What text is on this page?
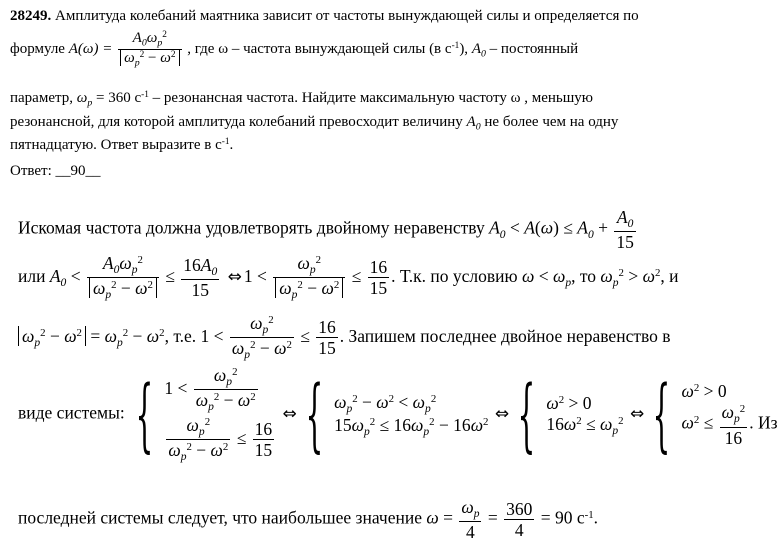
28249. Амплитуда колебаний маятника зависит от частоты вынуждающей силы и определяется по
формуле $A(\omega) = \frac{A_0\omega_p^2}{\omega_p^2 - \omega^2}$ , где ω – частота вынуждающей силы (в $с^{-1}$), $A_0$ – постоянный
параметр, $\omega_p = 360$ $с^{-1}$ – резонансная частота. Найдите максимальную частоту ω , меньшую
резонансной, для которой амплитуда колебаний превосходит величину $A_0$ не более чем на одну
пятнадцатую. Ответ выразите в $с^{-1}$.
Ответ: __90__
Искомая частота должна удовлетворять двойному неравенству $A_0 < A(\omega) \le A_0 + \frac{A_0}{15}$
или $A_0 < \frac{A_0\omega_p^2}{\omega_p^2 - \omega^2} \le \frac{16A_0}{15}$ ⇔ $1 < \frac{\omega_p^2}{\omega_p^2 - \omega^2} \le \frac{16}{15}$ . Т.к. по условию $\omega < \omega_p$, то $\omega_p^2 > \omega^2$, и
$\omega_p^2 - \omega^2 = \omega_p^2 - \omega^2$, т.е. $1 < \frac{\omega_p^2}{\omega_p^2 - \omega^2} \le \frac{16}{15}$ . Запишем последнее двойное неравенство в
виде системы: { $1 < \frac{\omega_p^2}{\omega_p^2 - \omega^2}$
$\frac{\omega_p^2}{\omega_p^2 - \omega^2} \le \frac{16}{15}$
⇔ { $\omega_p^2 - \omega^2 < \omega_p^2$
$15\omega_p^2 \le 16\omega_p^2 - 16\omega^2$ ⇔ { $\omega^2 > 0$
$16\omega^2 \le \omega_p^2$ ⇔ { $\omega^2 > 0$
$\omega^2 \le \frac{\omega_p^2}{16}$ . Из
последней системы следует, что наибольшее значение $\omega = \frac{\omega_p}{4} = \frac{360}{4} = 90$ $с^{-1}$.
